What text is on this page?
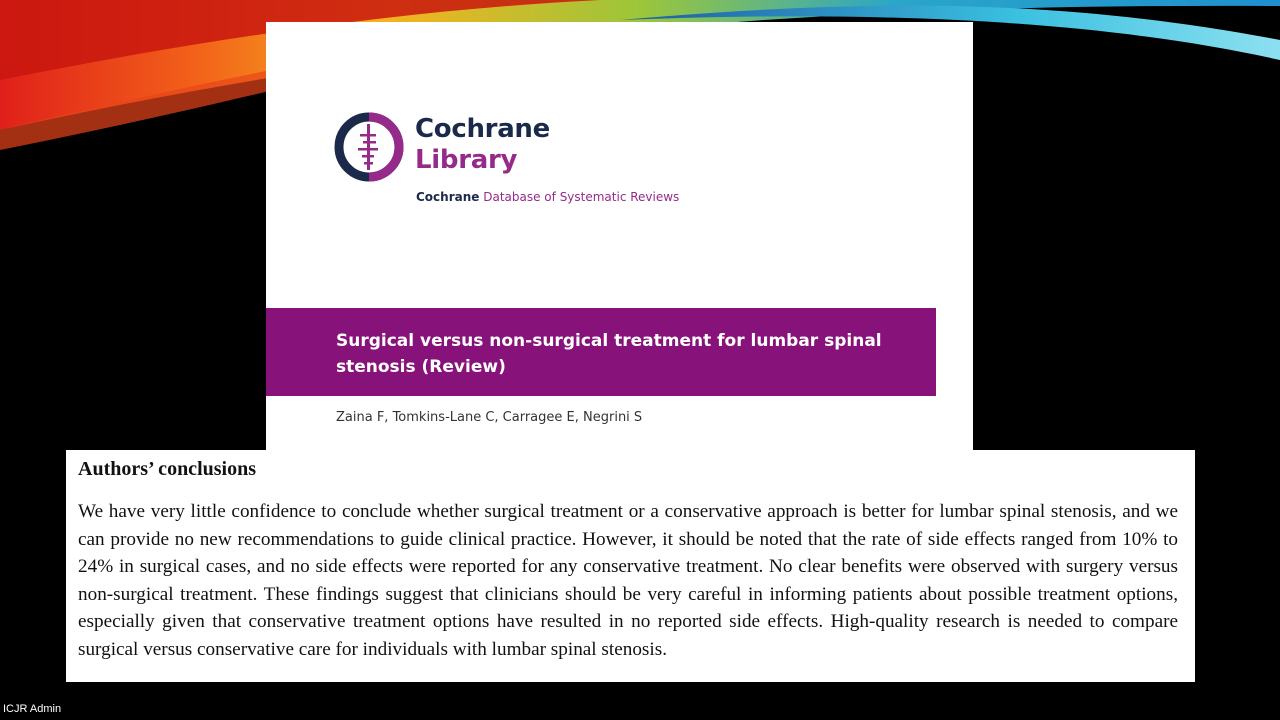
Cochrane
Library

Cochrane Database of Systematic Reviews

Surgical versus non-surgical treatment for lumbar spinal stenosis (Review)

Zaina F, Tomkins-Lane C, Carragee E, Negrini S

Authors’ conclusions

We have very little confidence to conclude whether surgical treatment or a conservative approach is better for lumbar spinal stenosis, and we can provide no new recommendations to guide clinical practice. However, it should be noted that the rate of side effects ranged from 10% to 24% in surgical cases, and no side effects were reported for any conservative treatment. No clear benefits were observed with surgery versus non-surgical treatment. These findings suggest that clinicians should be very careful in informing patients about possible treatment options, especially given that conservative treatment options have resulted in no reported side effects. High-quality research is needed to compare surgical versus conservative care for individuals with lumbar spinal stenosis.

ICJR Admin
